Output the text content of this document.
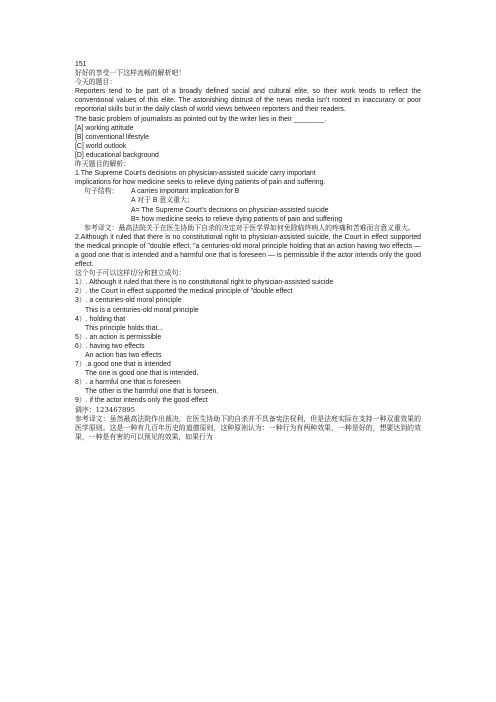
151

好好的享受一下这样流畅的解析吧！

今天的题目：

Reporters tend to be part of a broadly defined social and cultural elite, so their work tends to reflect the conventional values of this elite. The astonishing distrust of the news media isn’t rooted in inaccuracy or poor reportorial skills but in the daily clash of world views between reporters and their readers.

The basic problem of journalists as pointed out by the writer lies in their ________.

[A] working attitude

[B] conventional lifestyle

[C] world outlook

[D] educational background

昨天题目的解析：

1.The Supreme Court's decisions on physician-assisted suicide carry important

implications for how medicine seeks to relieve dying patients of pain and suffering.

句子结构：	A carries important implication for B

A 对于 B 意义重大；

A= The Supreme Court's decisions on physician-assisted suicide

B= how medicine seeks to relieve dying patients of pain and suffering

参考译文：最高法院关于在医生协助下自杀的决定对于医学界如何免除临终病人的疼痛和苦难而言意义重大。

2.Although it ruled that there is no constitutional right to physician-assisted suicide, the Court in effect supported the medical principle of "double effect, "a centuries-old moral principle holding that an action having two effects — a good one that is intended and a harmful one that is foreseen — is permissible if the actor intends only the good effect.

这个句子可以这样切分和独立成句：

1）. Although it ruled that there is no constitutional right to physician-assisted suicide

2）. the Court in effect supported the medical principle of "double effect

3）. a centuries-old moral principle

This is a centuries-old moral principle

4）. holding that

This principle holds that...

5）. an action is permissible

6）. having two effects

An action has two effects

7）.a good one that is intended

The one is good one that is intended.

8）. a harmful one that is foreseen

The other is the harmful one that is forseen.

9）. if the actor intends only the good effect

调序：123467895

参考译文：虽然最高法院作出裁决，在医生协助下的自杀并不具备宪法权利，但是法庭实际在支持一种双重效果的医学原则。这是一种有几百年历史的道德原则，这种原则认为：一种行为有两种效果，一种是好的，想要达到的效果，一种是有害的可以预见的效果，如果行为
